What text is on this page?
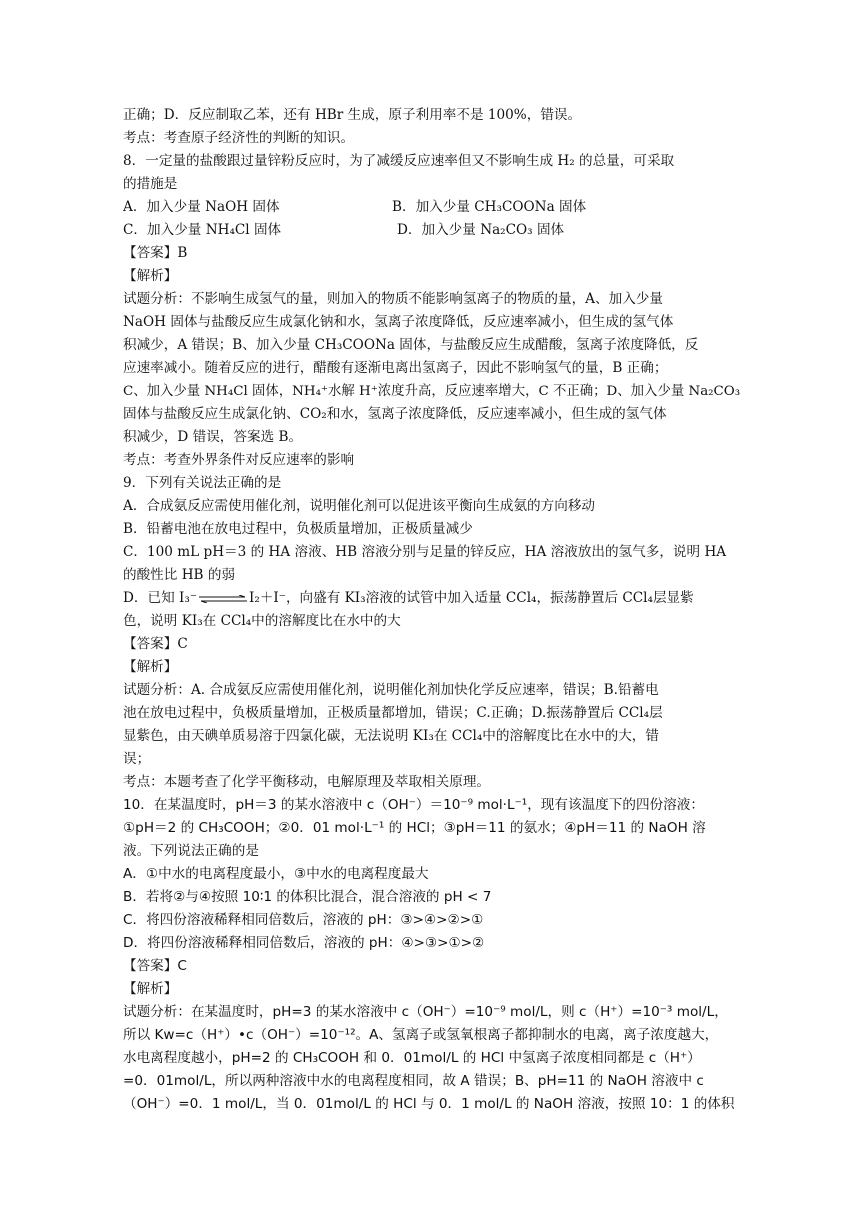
正确；D．反应制取乙苯，还有 HBr 生成，原子利用率不是 100%，错误。
考点：考查原子经济性的判断的知识。
8．一定量的盐酸跟过量锌粉反应时，为了减缓反应速率但又不影响生成 H₂ 的总量，可采取
的措施是
A．加入少量 NaOH 固体	B．加入少量 CH₃COONa 固体
C．加入少量 NH₄Cl 固体	D．加入少量 Na₂CO₃ 固体
【答案】B
【解析】
试题分析：不影响生成氢气的量，则加入的物质不能影响氢离子的物质的量，A、加入少量
NaOH 固体与盐酸反应生成氯化钠和水，氢离子浓度降低，反应速率减小，但生成的氢气体
积减少，A 错误；B、加入少量 CH₃COONa 固体，与盐酸反应生成醋酸，氢离子浓度降低，反
应速率减小。随着反应的进行，醋酸有逐渐电离出氢离子，因此不影响氢气的量，B 正确；
C、加入少量 NH₄Cl 固体，NH₄⁺水解 H⁺浓度升高，反应速率增大，C 不正确；D、加入少量 Na₂CO₃
固体与盐酸反应生成氯化钠、CO₂和水，氢离子浓度降低，反应速率减小，但生成的氢气体
积减少，D 错误，答案选 B。
考点：考查外界条件对反应速率的影响
9．下列有关说法正确的是
A．合成氨反应需使用催化剂，说明催化剂可以促进该平衡向生成氨的方向移动
B．铅蓄电池在放电过程中，负极质量增加，正极质量减少
C．100 mL pH＝3 的 HA 溶液、HB 溶液分别与足量的锌反应，HA 溶液放出的氢气多，说明 HA
的酸性比 HB 的弱
D．已知 I₃⁻ ⇌ I₂＋I⁻，向盛有 KI₃溶液的试管中加入适量 CCl₄，振荡静置后 CCl₄层显紫
色，说明 KI₃在 CCl₄中的溶解度比在水中的大
【答案】C
【解析】
试题分析：A. 合成氨反应需使用催化剂，说明催化剂加快化学反应速率，错误；B.铅蓄电
池在放电过程中，负极质量增加，正极质量都增加，错误；C.正确；D.振荡静置后 CCl₄层
显紫色，由天碘单质易溶于四氯化碳，无法说明 KI₃在 CCl₄中的溶解度比在水中的大，错
误；
考点：本题考查了化学平衡移动，电解原理及萃取相关原理。
10．在某温度时，pH＝3 的某水溶液中 c（OH⁻）＝10⁻⁹ mol·L⁻¹，现有该温度下的四份溶液：
①pH＝2 的 CH₃COOH；②0．01 mol·L⁻¹ 的 HCl；③pH＝11 的氨水；④pH＝11 的 NaOH 溶
液。下列说法正确的是
A．①中水的电离程度最小，③中水的电离程度最大
B．若将②与④按照 10∶1 的体积比混合，混合溶液的 pH < 7
C．将四份溶液稀释相同倍数后，溶液的 pH：③>④>②>①
D．将四份溶液稀释相同倍数后，溶液的 pH：④>③>①>②
【答案】C
【解析】
试题分析：在某温度时，pH=3 的某水溶液中 c（OH⁻）=10⁻⁹ mol/L，则 c（H⁺）=10⁻³ mol/L，
所以 Kw=c（H⁺）•c（OH⁻）=10⁻¹²。A、氢离子或氢氧根离子都抑制水的电离，离子浓度越大，
水电离程度越小，pH=2 的 CH₃COOH 和 0．01mol/L 的 HCl 中氢离子浓度相同都是 c（H⁺）
=0．01mol/L，所以两种溶液中水的电离程度相同，故 A 错误；B、pH=11 的 NaOH 溶液中 c
（OH⁻）=0．1 mol/L，当 0．01mol/L 的 HCl 与 0．1 mol/L 的 NaOH 溶液，按照 10：1 的体积
